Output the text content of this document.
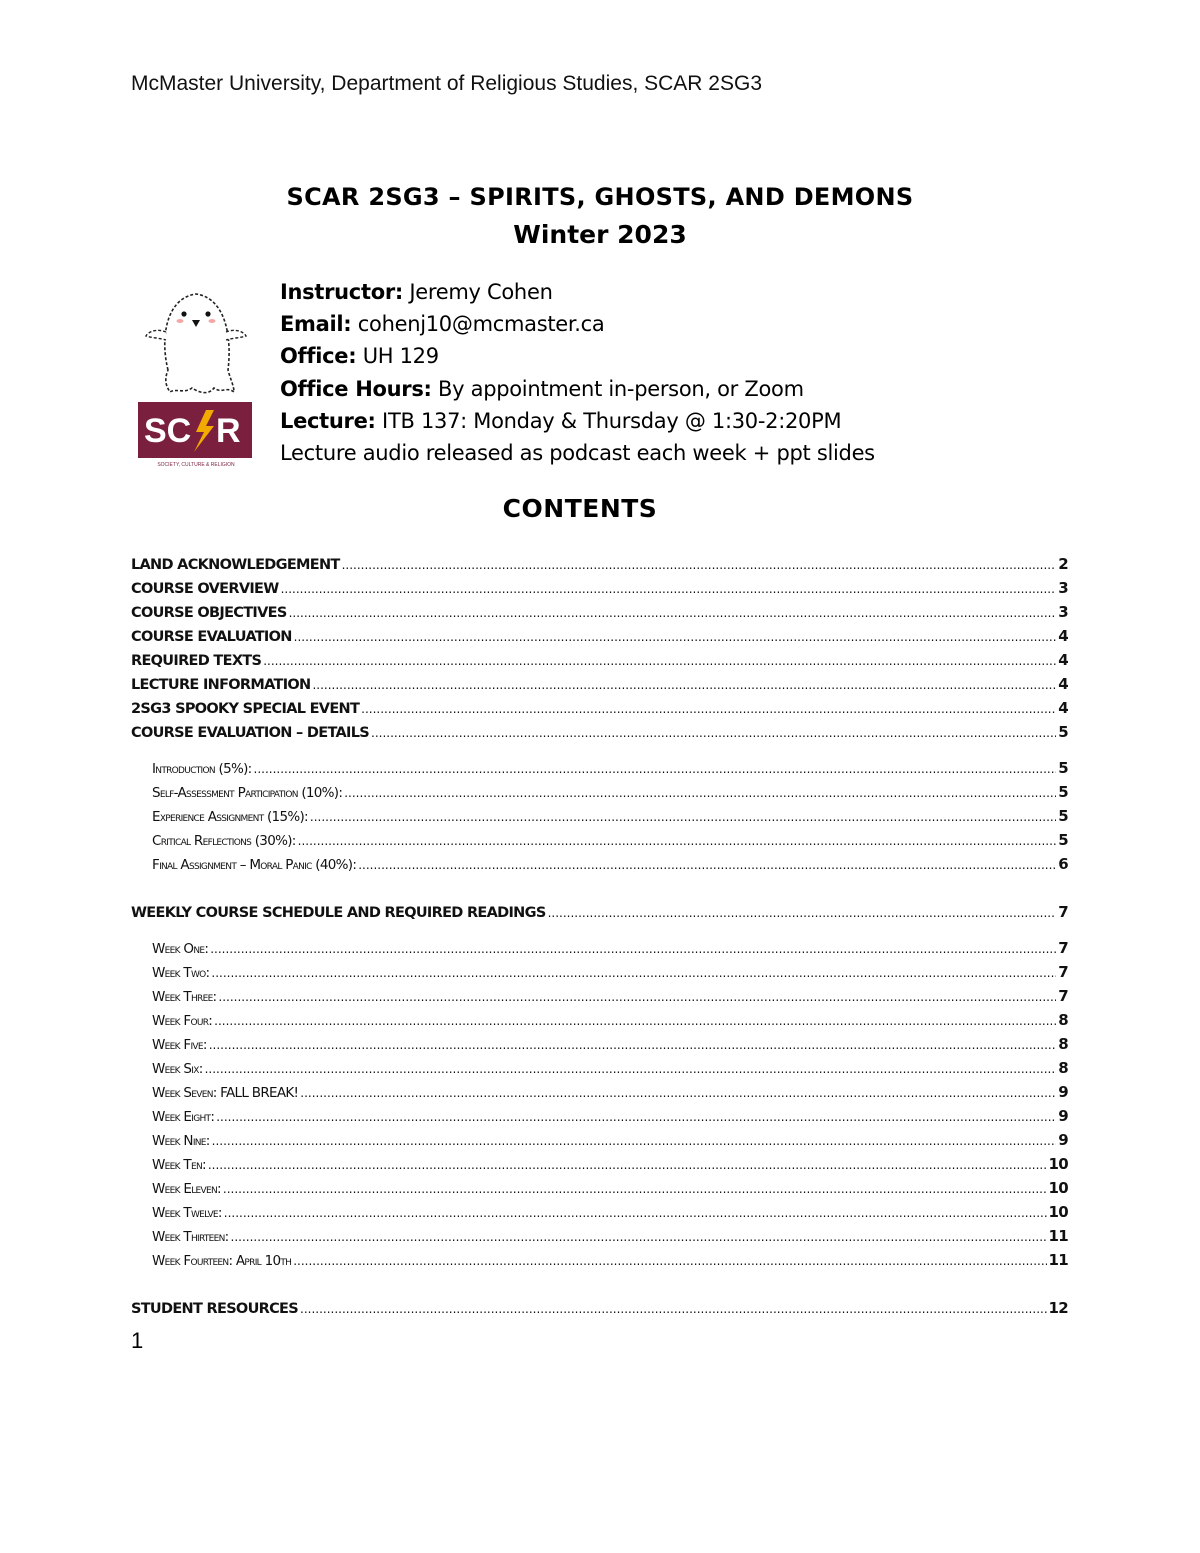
McMaster University, Department of Religious Studies, SCAR 2SG3
SCAR 2SG3 – SPIRITS, GHOSTS, AND DEMONS
Winter 2023
SC R
SOCIETY, CULTURE & RELIGION
Instructor: Jeremy Cohen
Email: cohenj10@mcmaster.ca
Office: UH 129
Office Hours: By appointment in-person, or Zoom
Lecture: ITB 137: Monday & Thursday @ 1:30-2:20PM
Lecture audio released as podcast each week + ppt slides
CONTENTS
LAND ACKNOWLEDGEMENT .....	2
COURSE OVERVIEW .....	3
COURSE OBJECTIVES .....	3
COURSE EVALUATION .....	4
REQUIRED TEXTS .....	4
LECTURE INFORMATION .....	4
2SG3 SPOOKY SPECIAL EVENT .....	4
COURSE EVALUATION – DETAILS .....	5
Introduction (5%): .....	5
Self-Assessment Participation (10%): .....	5
Experience Assignment (15%): .....	5
Critical Reflections (30%): .....	5
Final Assignment – Moral Panic (40%): .....	6
WEEKLY COURSE SCHEDULE AND REQUIRED READINGS .....	7
Week One: .....	7
Week Two: .....	7
Week Three: .....	7
Week Four: .....	8
Week Five: .....	8
Week Six: .....	8
Week Seven: FALL BREAK! .....	9
Week Eight: .....	9
Week Nine: .....	9
Week Ten: .....	10
Week Eleven: .....	10
Week Twelve: .....	10
Week Thirteen: .....	11
Week Fourteen: April 10th .....	11
STUDENT RESOURCES .....	12
1
